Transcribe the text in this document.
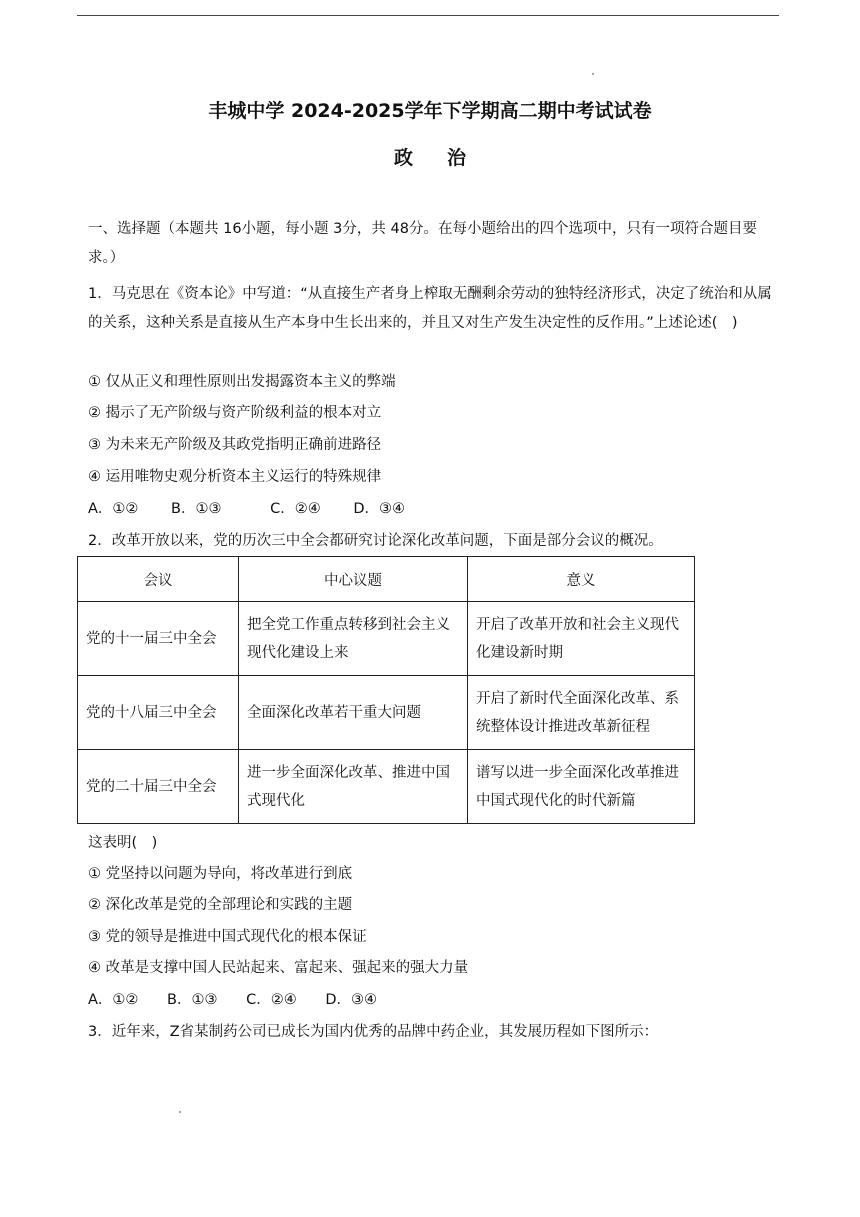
丰城中学 2024-2025学年下学期高二期中考试试卷
政治
一、选择题（本题共 16小题，每小题 3分，共 48分。在每小题给出的四个选项中，只有一项符合题目要求。）
1．马克思在《资本论》中写道：“从直接生产者身上榨取无酬剩余劳动的独特经济形式，决定了统治和从属的关系，这种关系是直接从生产本身中生长出来的，并且又对生产发生决定性的反作用。”上述论述(　)
① 仅从正义和理性原则出发揭露资本主义的弊端
② 揭示了无产阶级与资产阶级利益的根本对立
③ 为未来无产阶级及其政党指明正确前进路径
④ 运用唯物史观分析资本主义运行的特殊规律
A．①② B．①③	C．②④ D．③④
2．改革开放以来，党的历次三中全会都研究讨论深化改革问题，下面是部分会议的概况。
会议	中心议题	意义
党的十一届三中全会	把全党工作重点转移到社会主义现代化建设上来	开启了改革开放和社会主义现代化建设新时期
党的十八届三中全会	全面深化改革若干重大问题	开启了新时代全面深化改革、系统整体设计推进改革新征程
党的二十届三中全会	进一步全面深化改革、推进中国式现代化	谱写以进一步全面深化改革推进中国式现代化的时代新篇
这表明(　)
① 党坚持以问题为导向，将改革进行到底
② 深化改革是党的全部理论和实践的主题
③ 党的领导是推进中国式现代化的根本保证
④ 改革是支撑中国人民站起来、富起来、强起来的强大力量
A．①② B．①③ C．②④ D．③④
3．近年来，Z省某制药公司已成长为国内优秀的品牌中药企业，其发展历程如下图所示：
